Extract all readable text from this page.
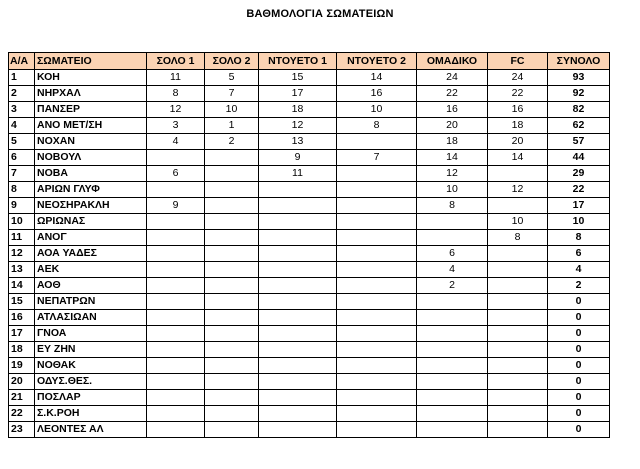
ΒΑΘΜΟΛΟΓΙΑ ΣΩΜΑΤΕΙΩΝ
Α/Α	ΣΩΜΑΤΕΙΟ	ΣΟΛΟ 1	ΣΟΛΟ 2	ΝΤΟΥΕΤΟ 1	ΝΤΟΥΕΤΟ 2	ΟΜΑΔΙΚΟ	FC	ΣΥΝΟΛΟ
1	ΚΟΗ	11	5	15	14	24	24	93
2	ΝΗΡΧΑΛ	8	7	17	16	22	22	92
3	ΠΑΝΣΕΡ	12	10	18	10	16	16	82
4	ΑΝΟ ΜΕΤ/ΣΗ	3	1	12	8	20	18	62
5	ΝΟΧΑΝ	4	2	13		18	20	57
6	ΝΟΒΟΥΛ			9	7	14	14	44
7	ΝΟΒΑ	6		11		12		29
8	ΑΡΙΩΝ ΓΛΥΦ					10	12	22
9	ΝΕΟΣΗΡΑΚΛΗ	9				8		17
10	ΩΡΙΩΝΑΣ						10	10
11	ΑΝΟΓ						8	8
12	ΑΟΑ ΥΑΔΕΣ					6		6
13	ΑΕΚ					4		4
14	ΑΟΘ					2		2
15	ΝΕΠΑΤΡΩΝ							0
16	ΑΤΛΑΣΙΩΑΝ							0
17	ΓΝΟΑ							0
18	ΕΥ ΖΗΝ							0
19	ΝΟΘΑΚ							0
20	ΟΔΥΣ.ΘΕΣ.							0
21	ΠΟΣΛΑΡ							0
22	Σ.Κ.ΡΟΗ							0
23	ΛΕΟΝΤΕΣ ΑΛ							0
